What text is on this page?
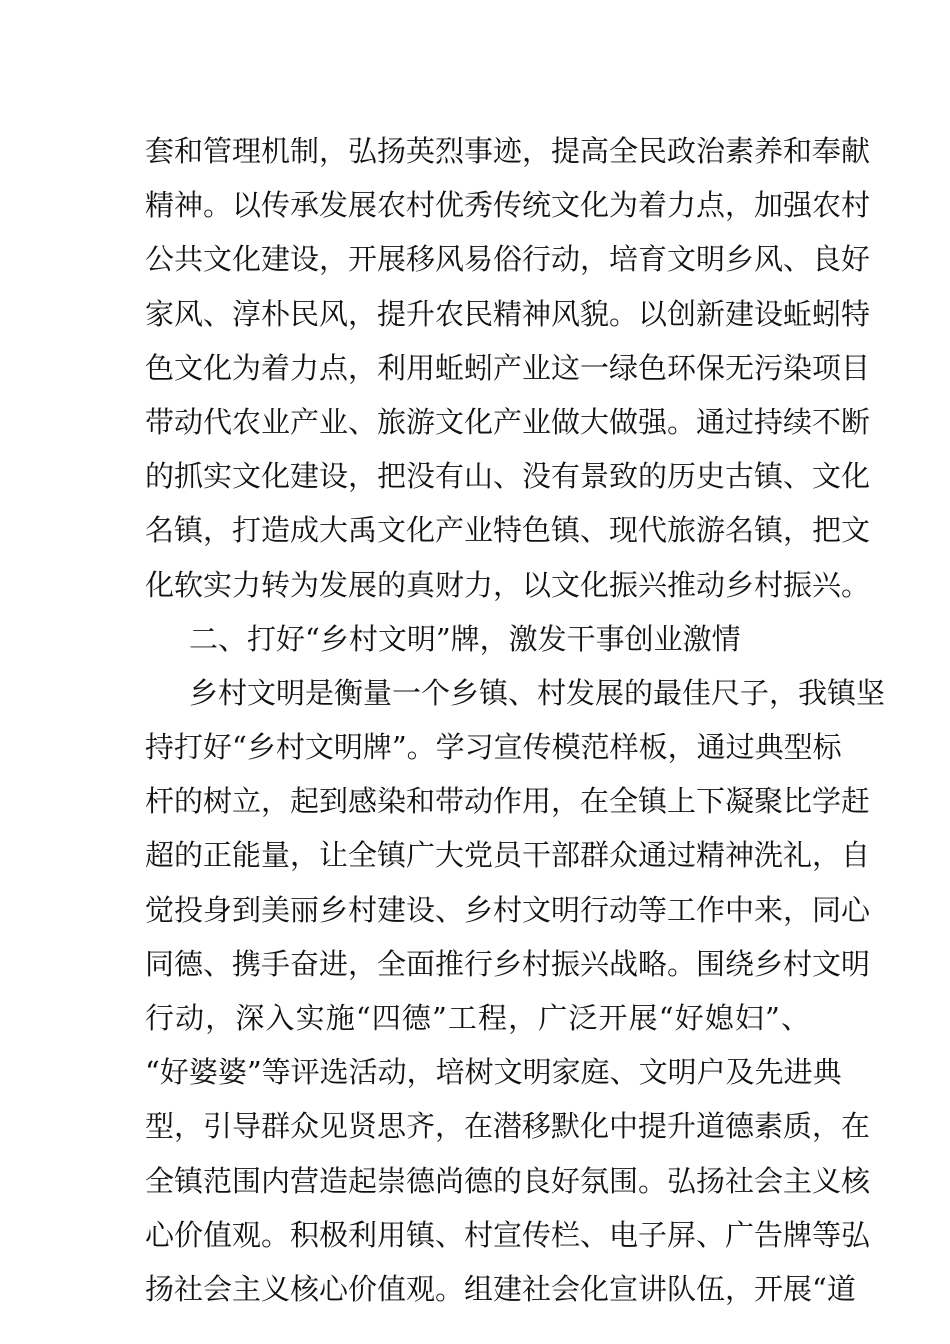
套和管理机制，弘扬英烈事迹，提高全民政治素养和奉献
精神。以传承发展农村优秀传统文化为着力点，加强农村
公共文化建设，开展移风易俗行动，培育文明乡风、良好
家风、淳朴民风，提升农民精神风貌。以创新建设蚯蚓特
色文化为着力点，利用蚯蚓产业这一绿色环保无污染项目
带动代农业产业、旅游文化产业做大做强。通过持续不断
的抓实文化建设，把没有山、没有景致的历史古镇、文化
名镇，打造成大禹文化产业特色镇、现代旅游名镇，把文
化软实力转为发展的真财力，以文化振兴推动乡村振兴。
二、打好“乡村文明”牌，激发干事创业激情
乡村文明是衡量一个乡镇、村发展的最佳尺子，我镇坚
持打好“乡村文明牌”。学习宣传模范样板，通过典型标
杆的树立，起到感染和带动作用，在全镇上下凝聚比学赶
超的正能量，让全镇广大党员干部群众通过精神洗礼，自
觉投身到美丽乡村建设、乡村文明行动等工作中来，同心
同德、携手奋进，全面推行乡村振兴战略。围绕乡村文明
行动，深入实施“四德”工程，广泛开展“好媳妇”、
“好婆婆”等评选活动，培树文明家庭、文明户及先进典
型，引导群众见贤思齐，在潜移默化中提升道德素质，在
全镇范围内营造起崇德尚德的良好氛围。弘扬社会主义核
心价值观。积极利用镇、村宣传栏、电子屏、广告牌等弘
扬社会主义核心价值观。组建社会化宣讲队伍，开展“道
